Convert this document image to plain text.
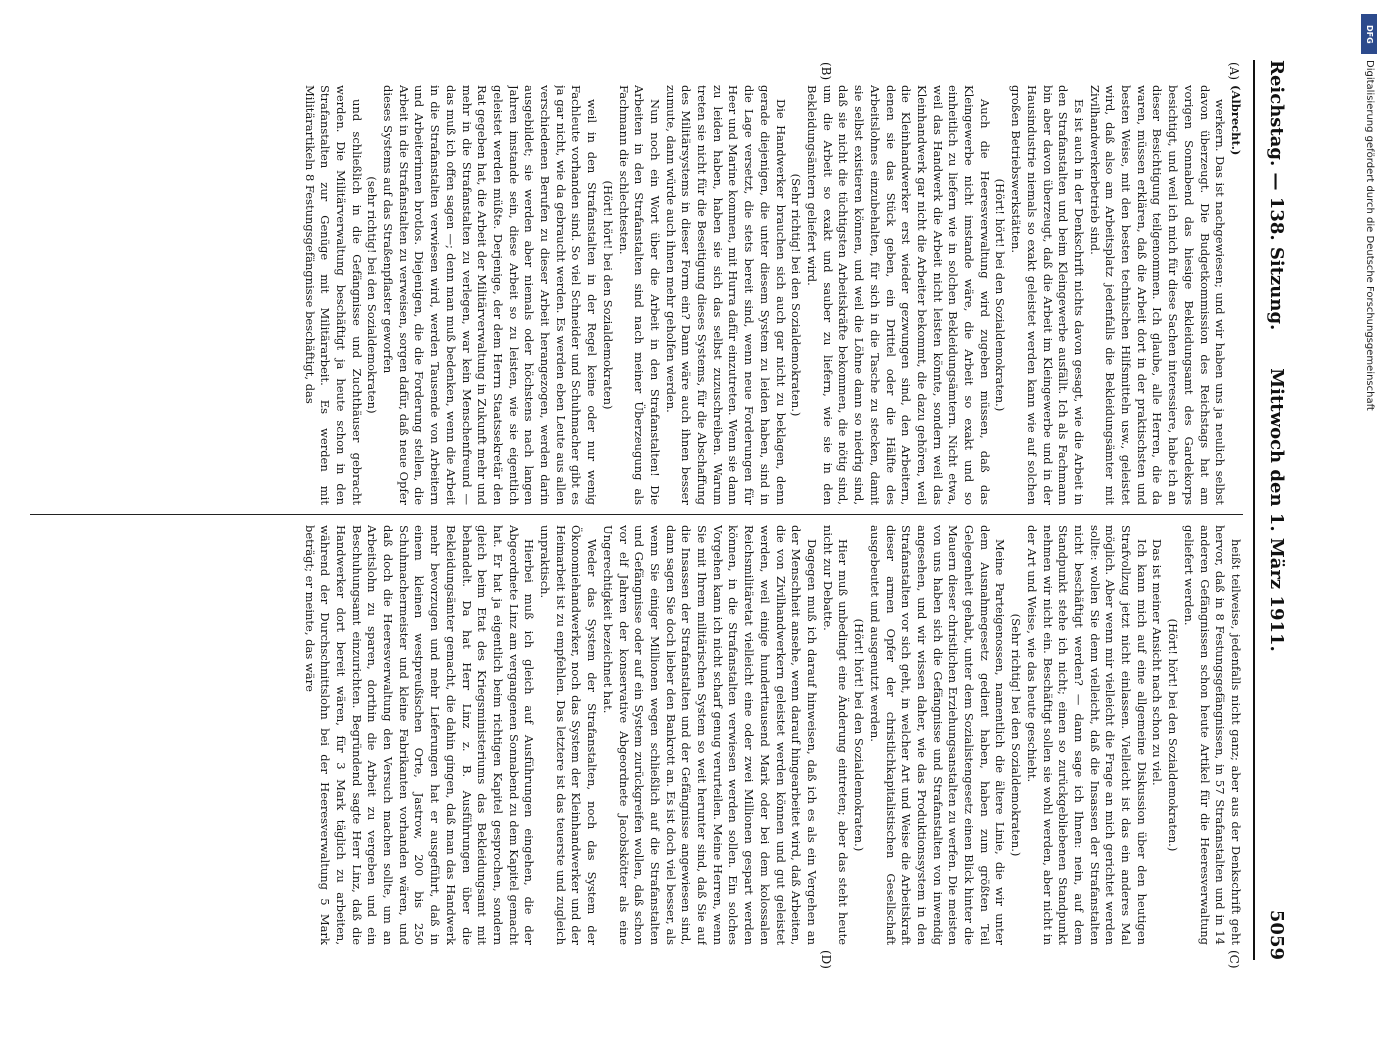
Reichstag. — 138. Sitzung.
Mittwoch den 1. März 1911.
5059
(A)
(B)
(C)
(D)

(Albrecht.)

werkern. Das ist nachgewiesen; und wir haben uns ja neulich selbst davon überzeugt. Die Budgetkommission des Reichstags hat am vorigen Sonnabend das hiesige Bekleidungsamt des Gardekorps besichtigt, und weil ich mich für diese Sachen interessiere, habe ich an dieser Besichtigung teilgenommen. Ich glaube, alle Herren, die da waren, müssen erklären, daß die Arbeit dort in der praktischsten und besten Weise, mit den besten technischen Hilfsmitteln usw., geleistet wird, daß also am Arbeitsplatz jedenfalls die Bekleidungsämter mit Zivilhandwerkerbetrieb sind.

Es ist auch in der Denkschrift nichts davon gesagt, wie die Arbeit in den Strafanstalten und beim Kleingewerbe ausfällt. Ich als Fachmann bin aber davon überzeugt, daß die Arbeit im Kleingewerbe und in der Hausindustrie niemals so exakt geleistet werden kann wie auf solchen großen Betriebswerkstätten.

(Hört! hört! bei den Sozialdemokraten.)

Auch die Heeresverwaltung wird zugeben müssen, daß das Kleingewerbe nicht imstande wäre, die Arbeit so exakt und so einheitlich zu liefern wie in solchen Bekleidungsämtern. Nicht etwa, weil das Handwerk die Arbeit nicht leisten könnte, sondern weil das Kleinhandwerk gar nicht die Arbeiter bekommt, die dazu gehören, weil die Kleinhandwerker erst wieder gezwungen sind, den Arbeitern, denen sie das Stück geben, ein Drittel oder die Hälfte des Arbeitslohnes einzubehalten, für sich in die Tasche zu stecken, damit sie selbst existieren können, und weil die Löhne dann so niedrig sind, daß sie nicht die tüchtigsten Arbeitskräfte bekommen, die nötig sind, um die Arbeit so exakt und sauber zu liefern, wie sie in den Bekleidungsämtern geliefert wird.

(Sehr richtig! bei den Sozialdemokraten.)

Die Handwerker brauchen sich auch gar nicht zu beklagen, denn gerade diejenigen, die unter diesem System zu leiden haben, sind in die Lage versetzt, die stets bereit sind, wenn neue Forderungen für Heer und Marine kommen, mit Hurra dafür einzutreten. Wenn sie dann zu leiden haben, haben sie sich das selbst zuzuschreiben. Warum treten sie nicht für die Beseitigung dieses Systems, für die Abschaffung des Militärsystems in dieser Form ein? Dann wäre auch ihnen besser zumute, dann würde auch ihnen mehr geholfen werden.

Nun noch ein Wort über die Arbeit in den Strafanstalten! Die Arbeiten in den Strafanstalten sind nach meiner Überzeugung als Fachmann die schlechtesten.

(Hört! hört! bei den Sozialdemokraten)

weil in den Strafanstalten in der Regel keine oder nur wenig Fachleute vorhanden sind. So viel Schneider und Schuhmacher gibt es ja gar nicht, wie da gebraucht werden. Es werden eben Leute aus allen verschiedenen Berufen zu dieser Arbeit herangezogen, werden darin ausgebildet; sie werden aber niemals oder höchstens nach langen Jahren imstande sein, diese Arbeit so zu leisten, wie sie eigentlich geleistet werden müßte. Derjenige, der dem Herrn Staatssekretär den Rat gegeben hat, die Arbeit der Militärverwaltung in Zukunft mehr und mehr in die Strafanstalten zu verlegen, war kein Menschenfreund — das muß ich offen sagen —; denn man muß bedenken, wenn die Arbeit in die Strafanstalten verwiesen wird, werden Tausende von Arbeitern und Arbeiterinnen brotlos. Diejenigen, die die Forderung stellen, die Arbeit in die Strafanstalten zu verweisen, sorgen dafür, daß neue Opfer dieses Systems auf das Straßenpflaster geworfen

(sehr richtig! bei den Sozialdemokraten)

und schließlich in die Gefängnisse und Zuchthäuser gebracht werden. Die Militärverwaltung beschäftigt ja heute schon in den Strafanstalten zur Genüge mit Militärarbeit. Es werden mit Militärartikeln 8 Festungsgefängnisse beschäftigt, das

heißt teilweise, jedenfalls nicht ganz; aber aus der Denkschrift geht hervor, daß in 8 Festungsgefängnissen, in 57 Strafanstalten und in 14 anderen Gefängnissen schon heute Artikel für die Heeresverwaltung geliefert werden.

(Hört! hört! bei den Sozialdemokraten.)

Das ist meiner Ansicht nach schon zu viel.

Ich kann mich auf eine allgemeine Diskussion über den heutigen Strafvollzug jetzt nicht einlassen. Vielleicht ist das ein anderes Mal möglich. Aber wenn mir vielleicht die Frage an mich gerichtet werden sollte: wollen Sie denn vielleicht, daß die Insassen der Strafanstalten nicht beschäftigt werden? — dann sage ich Ihnen: nein, auf dem Standpunkt stehe ich nicht; einen so zurückgebliebenen Standpunkt nehmen wir nicht ein. Beschäftigt sollen sie wohl werden, aber nicht in der Art und Weise, wie das heute geschieht.

(Sehr richtig! bei den Sozialdemokraten.)

Meine Parteigenossen, namentlich die ältere Linie, die wir unter dem Ausnahmegesetz gedient haben, haben zum größten Teil Gelegenheit gehabt, unter dem Sozialistengesetz einen Blick hinter die Mauern dieser christlichen Erziehungsanstalten zu werfen. Die meisten von uns haben sich die Gefängnisse und Strafanstalten von inwendig angesehen, und wir wissen daher, wie das Produktionssystem in den Strafanstalten vor sich geht, in welcher Art und Weise die Arbeitskraft dieser armen Opfer der christlichkapitalistischen Gesellschaft ausgebeutet und ausgenutzt werden.

(Hört! hört! bei den Sozialdemokraten.)

Hier muß unbedingt eine Änderung eintreten; aber das steht heute nicht zur Debatte.

Dagegen muß ich darauf hinweisen, daß ich es als ein Vergehen an der Menschheit ansehe, wenn darauf hingearbeitet wird, daß Arbeiten, die von Zivilhandwerkern geleistet werden können und gut geleistet werden, weil einige hunderttausend Mark oder bei dem kolossalen Reichsmilitäretat vielleicht eine oder zwei Millionen gespart werden können, in die Strafanstalten verwiesen werden sollen. Ein solches Vorgehen kann ich nicht scharf genug verurteilen. Meine Herren, wenn Sie mit Ihrem militärischen System so weit herunter sind, daß Sie auf die Insassen der Strafanstalten und der Gefängnisse angewiesen sind, dann sagen Sie doch lieber den Bankrott an. Es ist doch viel besser, als wenn Sie einiger Millionen wegen schließlich auf die Strafanstalten und Gefängnisse oder auf ein System zurückgreifen wollen, daß schon vor elf Jahren der konservative Abgeordnete Jacobskötter als eine Ungerechtigkeit bezeichnet hat.

Weder das System der Strafanstalten, noch das System der Ökonomiehandwerker, noch das System der Kleinhandwerker und der Heimarbeit ist zu empfehlen. Das letztere ist das teuerste und zugleich unpraktisch.

Hierbei muß ich gleich auf Ausführungen eingehen, die der Abgeordnete Linz am vergangenen Sonnabend zu dem Kapitel gemacht hat. Er hat ja eigentlich beim richtigen Kapitel gesprochen, sondern gleich beim Etat des Kriegsministeriums das Bekleidungsamt mit behandelt. Da hat Herr Linz z. B. Ausführungen über die Bekleidungsämter gemacht, die dahin gingen, daß man das Handwerk mehr bevorzugen und mehr Lieferungen hat er ausgeführt, daß in einem kleinen westpreußischen Orte, Jastrow, 200 bis 250 Schuhmachermeister und kleine Fabrikanten vorhanden wären, und daß doch die Heeresverwaltung den Versuch machen sollte, um an Arbeitslohn zu sparen, dorthin die Arbeit zu vergeben und ein Beschuhungsamt einzurichten. Begründend sagte Herr Linz, daß die Handwerker dort bereit wären, für 3 Mark täglich zu arbeiten, während der Durchschnittslohn bei der Heeresverwaltung 5 Mark beträgt; er meinte, das wäre

DFG
Digitalisierung gefördert durch die Deutsche Forschungsgemeinschaft
